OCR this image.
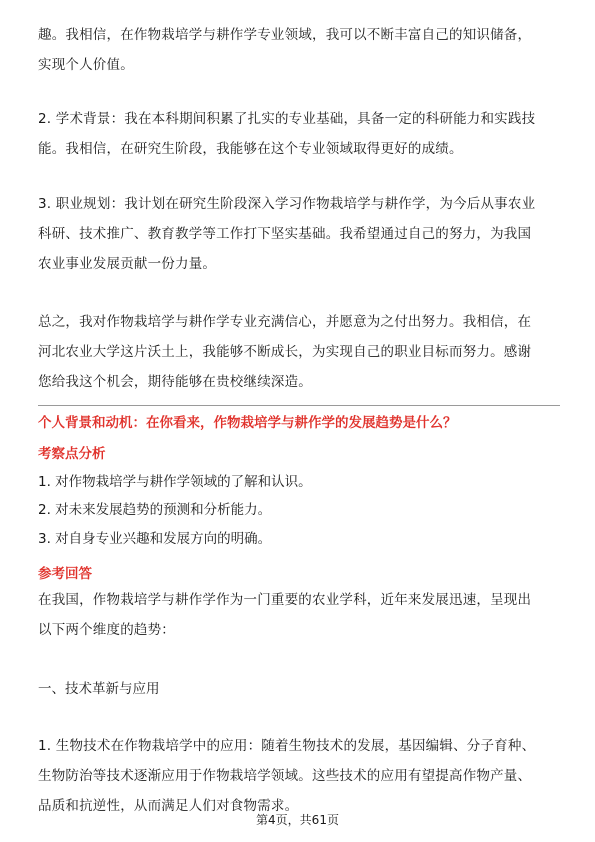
趣。我相信，在作物栽培学与耕作学专业领域，我可以不断丰富自己的知识储备，
实现个人价值。
2. 学术背景：我在本科期间积累了扎实的专业基础，具备一定的科研能力和实践技
能。我相信，在研究生阶段，我能够在这个专业领域取得更好的成绩。
3. 职业规划：我计划在研究生阶段深入学习作物栽培学与耕作学，为今后从事农业
科研、技术推广、教育教学等工作打下坚实基础。我希望通过自己的努力，为我国
农业事业发展贡献一份力量。
总之，我对作物栽培学与耕作学专业充满信心，并愿意为之付出努力。我相信，在
河北农业大学这片沃土上，我能够不断成长，为实现自己的职业目标而努力。感谢
您给我这个机会，期待能够在贵校继续深造。
个人背景和动机：在你看来，作物栽培学与耕作学的发展趋势是什么？
考察点分析
1. 对作物栽培学与耕作学领域的了解和认识。
2. 对未来发展趋势的预测和分析能力。
3. 对自身专业兴趣和发展方向的明确。
参考回答
在我国，作物栽培学与耕作学作为一门重要的农业学科，近年来发展迅速，呈现出
以下两个维度的趋势：
一、技术革新与应用
1. 生物技术在作物栽培学中的应用：随着生物技术的发展，基因编辑、分子育种、
生物防治等技术逐渐应用于作物栽培学领域。这些技术的应用有望提高作物产量、
品质和抗逆性，从而满足人们对食物需求。
第4页，共61页
